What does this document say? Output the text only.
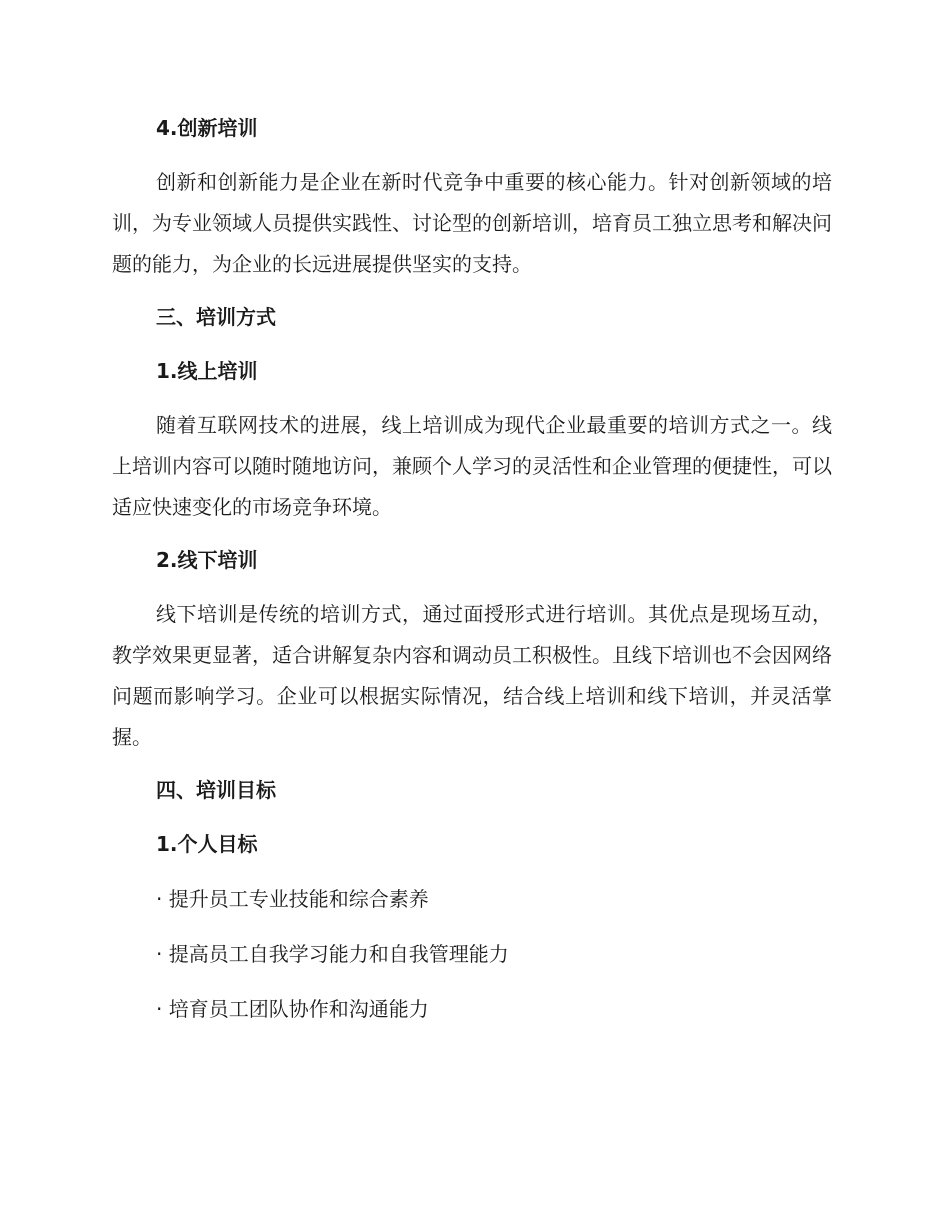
4.创新培训

创新和创新能力是企业在新时代竞争中重要的核心能力。针对创新领域的培训，为专业领域人员提供实践性、讨论型的创新培训，培育员工独立思考和解决问题的能力，为企业的长远进展提供坚实的支持。

三、培训方式

1.线上培训

随着互联网技术的进展，线上培训成为现代企业最重要的培训方式之一。线上培训内容可以随时随地访问，兼顾个人学习的灵活性和企业管理的便捷性，可以适应快速变化的市场竞争环境。

2.线下培训

线下培训是传统的培训方式，通过面授形式进行培训。其优点是现场互动，教学效果更显著，适合讲解复杂内容和调动员工积极性。且线下培训也不会因网络问题而影响学习。企业可以根据实际情况，结合线上培训和线下培训，并灵活掌握。

四、培训目标

1.个人目标

· 提升员工专业技能和综合素养

· 提高员工自我学习能力和自我管理能力

· 培育员工团队协作和沟通能力
